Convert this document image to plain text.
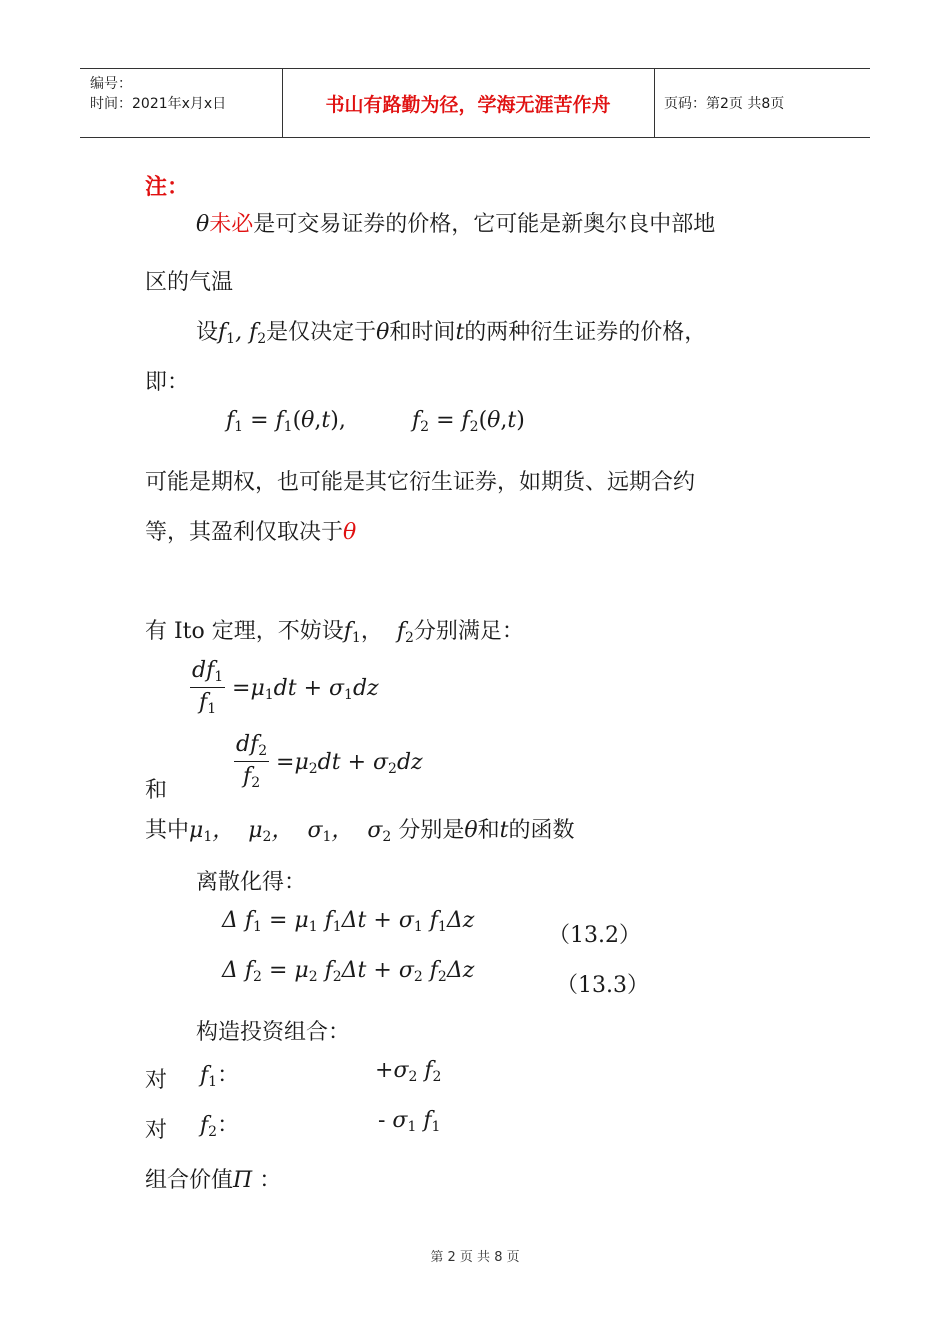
编号：
时间：2021年x月x日	书山有路勤为径，学海无涯苦作舟	页码：第2页 共8页
注：
θ未必是可交易证券的价格，它可能是新奥尔良中部地
区的气温
设$f_1$, $f_2$是仅决定于θ和时间t的两种衍生证券的价格，
即：
$f_1 = f_1(\theta,t)$,	$f_2 = f_2(\theta,t)$
可能是期权，也可能是其它衍生证券，如期货、远期合约
等，其盈利仅取决于θ
有 Ito 定理，不妨设$f_1$，  $f_2$分别满足：
$\frac{df_1}{f_1} =\mu_1dt + \sigma_1dz$
$\frac{df_2}{f_2} =\mu_2dt + \sigma_2dz$
和
其中$\mu_1$，  $\mu_2$，  $\sigma_1$，  $\sigma_2$ 分别是θ和t的函数
离散化得：
Δ $f_1 = \mu_1$ $f_1\Delta t + \sigma_1$ $f_1\Delta z$
（13.2）
Δ $f_2 = \mu_2$ $f_2\Delta t + \sigma_2$ $f_2\Delta z$
（13.3）
构造投资组合：
对 $f_1$：	$+\sigma_2$ $f_2$
对 $f_2$：	- $\sigma_1$ $f_1$
组合价值Π ：
第 2 页 共 8 页
